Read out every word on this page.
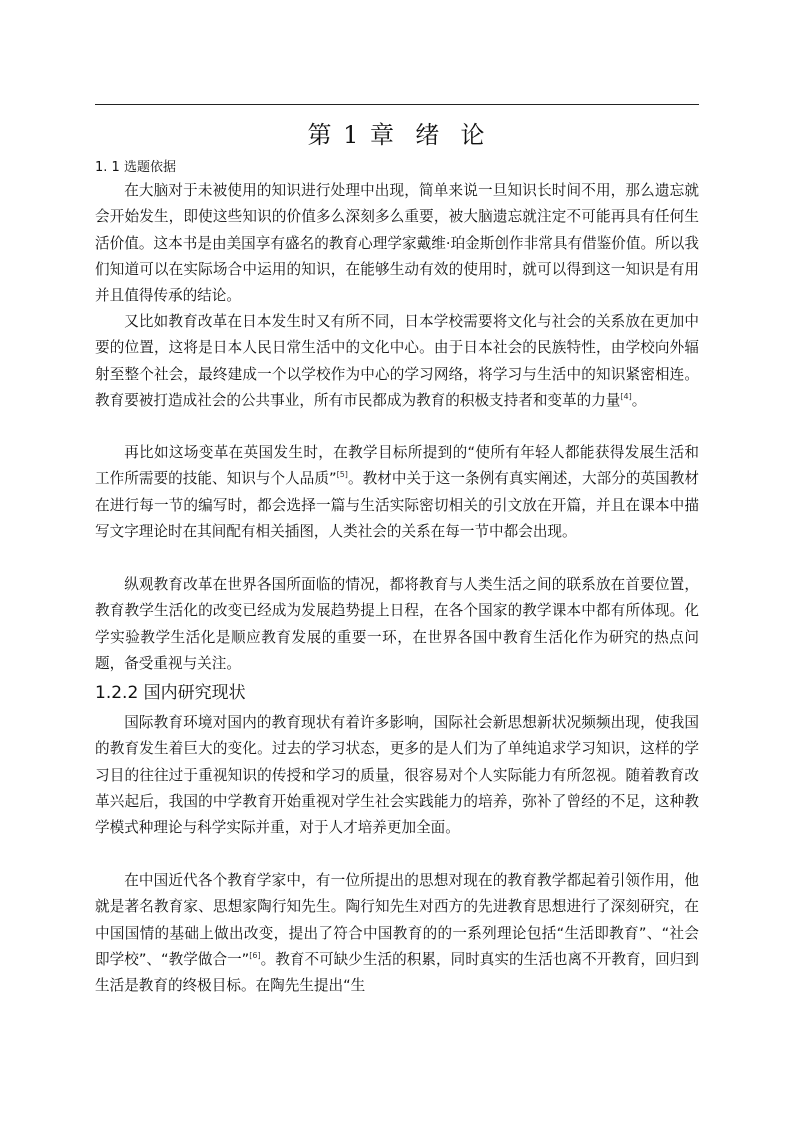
第 1 章  绪  论
1. 1 选题依据

在大脑对于未被使用的知识进行处理中出现，简单来说一旦知识长时间不用，那么遗忘就会开始发生，即使这些知识的价值多么深刻多么重要，被大脑遗忘就注定不可能再具有任何生活价值。这本书是由美国享有盛名的教育心理学家戴维·珀金斯创作非常具有借鉴价值。所以我们知道可以在实际场合中运用的知识，在能够生动有效的使用时，就可以得到这一知识是有用并且值得传承的结论。

又比如教育改革在日本发生时又有所不同，日本学校需要将文化与社会的关系放在更加中要的位置，这将是日本人民日常生活中的文化中心。由于日本社会的民族特性，由学校向外辐射至整个社会，最终建成一个以学校作为中心的学习网络，将学习与生活中的知识紧密相连。教育要被打造成社会的公共事业，所有市民都成为教育的积极支持者和变革的力量[4]。

再比如这场变革在英国发生时，在教学目标所提到的“使所有年轻人都能获得发展生活和工作所需要的技能、知识与个人品质”[5]。教材中关于这一条例有真实阐述，大部分的英国教材在进行每一节的编写时，都会选择一篇与生活实际密切相关的引文放在开篇，并且在课本中描写文字理论时在其间配有相关插图，人类社会的关系在每一节中都会出现。

纵观教育改革在世界各国所面临的情况，都将教育与人类生活之间的联系放在首要位置，教育教学生活化的改变已经成为发展趋势提上日程，在各个国家的教学课本中都有所体现。化学实验教学生活化是顺应教育发展的重要一环，在世界各国中教育生活化作为研究的热点问题，备受重视与关注。

1.2.2 国内研究现状

国际教育环境对国内的教育现状有着许多影响，国际社会新思想新状况频频出现，使我国的教育发生着巨大的变化。过去的学习状态，更多的是人们为了单纯追求学习知识，这样的学习目的往往过于重视知识的传授和学习的质量，很容易对个人实际能力有所忽视。随着教育改革兴起后，我国的中学教育开始重视对学生社会实践能力的培养，弥补了曾经的不足，这种教学模式种理论与科学实际并重，对于人才培养更加全面。

在中国近代各个教育学家中，有一位所提出的思想对现在的教育教学都起着引领作用，他就是著名教育家、思想家陶行知先生。陶行知先生对西方的先进教育思想进行了深刻研究，在中国国情的基础上做出改变，提出了符合中国教育的的一系列理论包括“生活即教育”、“社会即学校”、“教学做合一”[6]。教育不可缺少生活的积累，同时真实的生活也离不开教育，回归到生活是教育的终极目标。在陶先生提出“生
